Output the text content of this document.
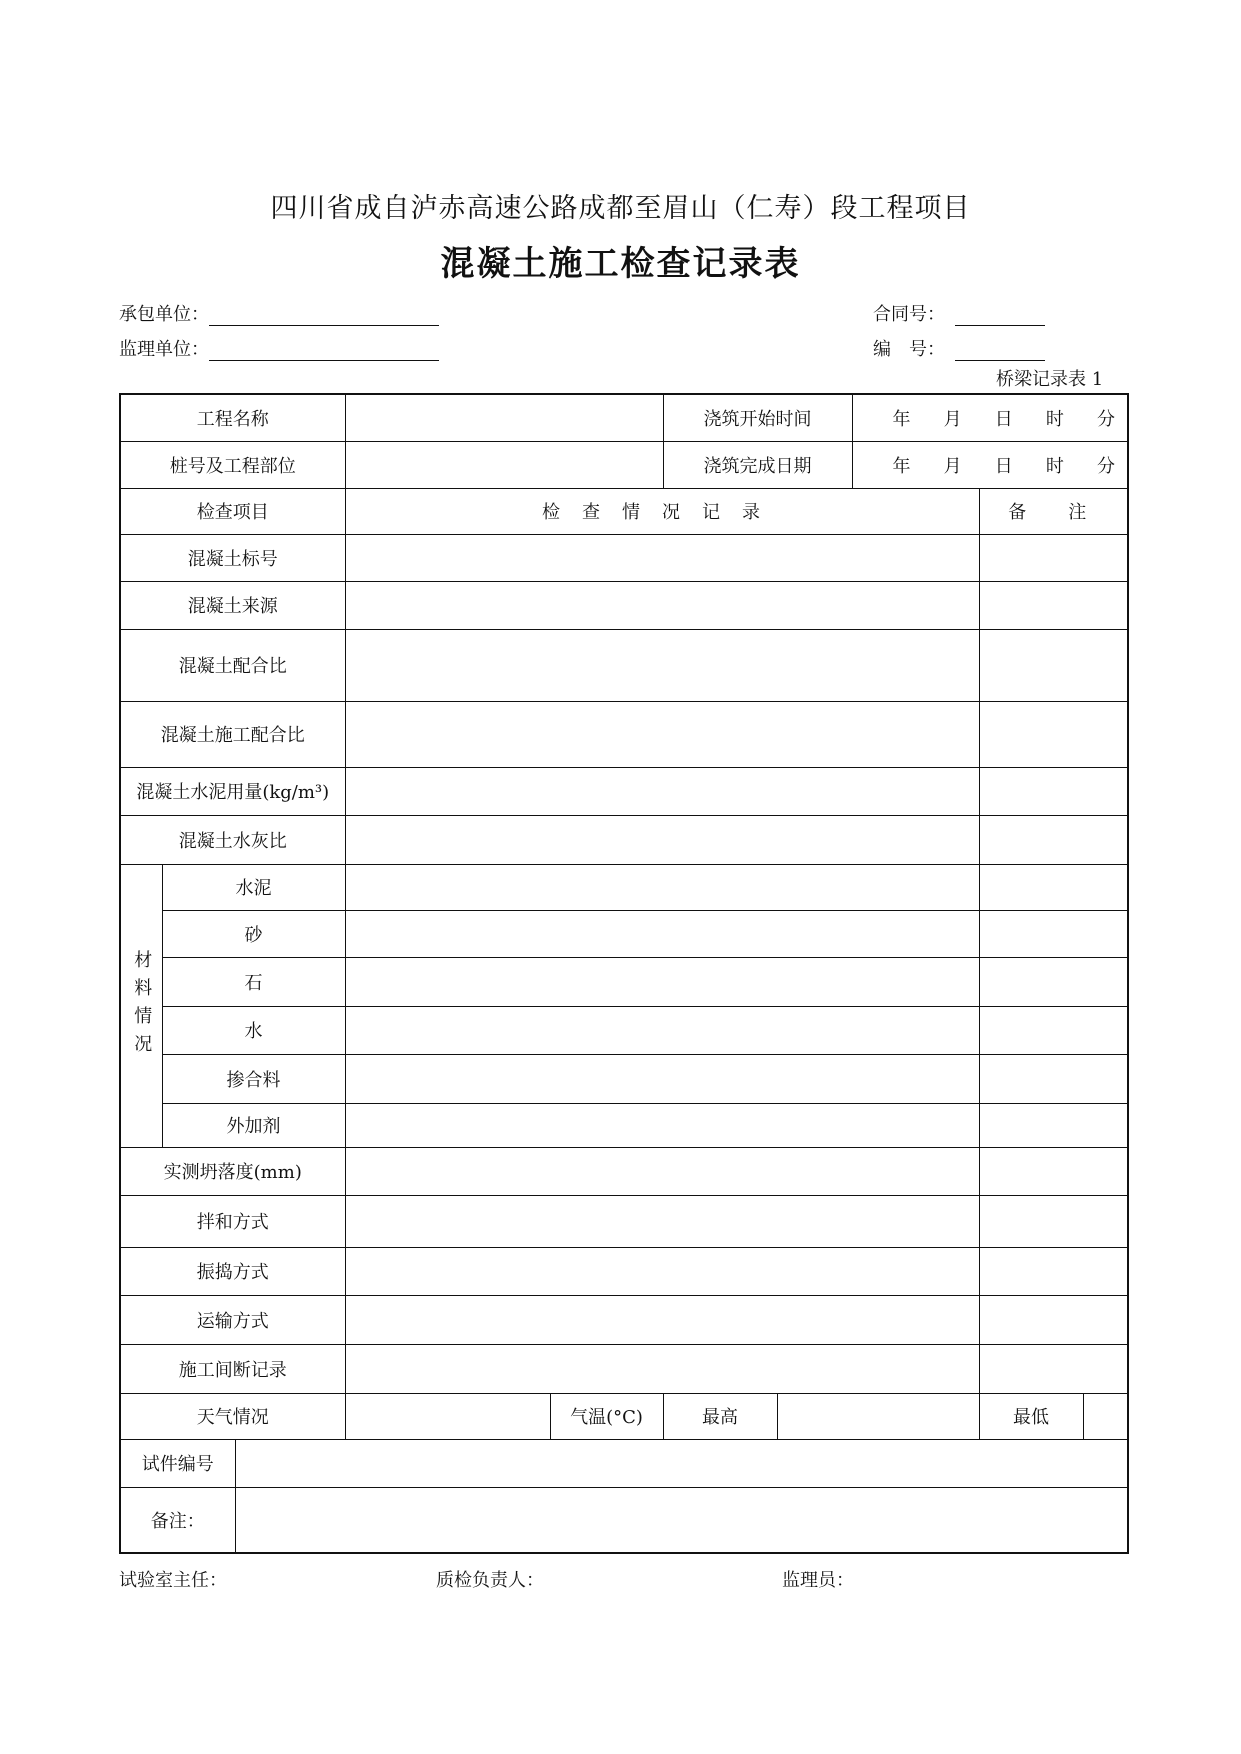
四川省成自泸赤高速公路成都至眉山（仁寿）段工程项目
混凝土施工检查记录表
承包单位：
监理单位：
合同号：
编　号：
桥梁记录表 1
工程名称					浇筑开始时间		年 月 日 时 分		

桩号及工程部位					浇筑完成日期		年 月 日 时 分		

检查项目			检查情况记录					备　注	
混凝土标号									
混凝土来源									
混凝土配合比									
混凝土施工配合比									
混凝土水泥用量(kg/m³)									
混凝土水灰比									

材料情况	水泥								
	砂								
	石								
	水								
	掺合料								
	外加剂								
实测坍落度(mm)									
拌和方式									
振捣方式									
运输方式									
施工间断记录									
天气情况				气温(°C)	最高			最低	
试件编号									
备注：									
试验室主任：	质检负责人：	监理员：
